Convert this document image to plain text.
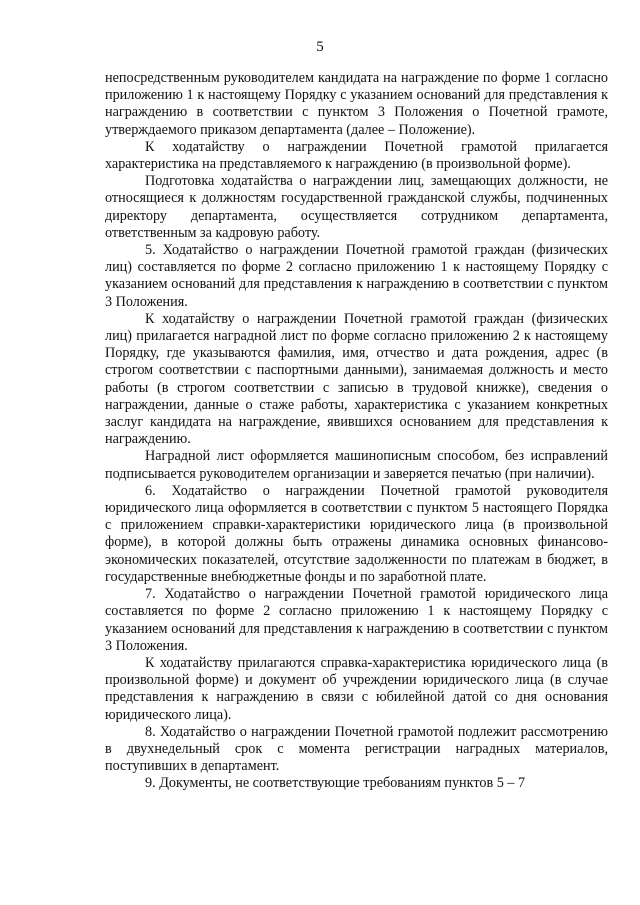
5

непосредственным руководителем кандидата на награждение по форме 1 согласно приложению 1 к настоящему Порядку с указанием оснований для представления к награждению в соответствии с пунктом 3 Положения о Почетной грамоте, утверждаемого приказом департамента (далее – Положение).

К ходатайству о награждении Почетной грамотой прилагается характеристика на представляемого к награждению (в произвольной форме).

Подготовка ходатайства о награждении лиц, замещающих должности, не относящиеся к должностям государственной гражданской службы, подчиненных директору департамента, осуществляется сотрудником департамента, ответственным за кадровую работу.

5. Ходатайство о награждении Почетной грамотой граждан (физических лиц) составляется по форме 2 согласно приложению 1 к настоящему Порядку с указанием оснований для представления к награждению в соответствии с пунктом 3 Положения.

К ходатайству о награждении Почетной грамотой граждан (физических лиц) прилагается наградной лист по форме согласно приложению 2 к настоящему Порядку, где указываются фамилия, имя, отчество и дата рождения, адрес (в строгом соответствии с паспортными данными), занимаемая должность и место работы (в строгом соответствии с записью в трудовой книжке), сведения о награждении, данные о стаже работы, характеристика с указанием конкретных заслуг кандидата на награждение, явившихся основанием для представления к награждению.

Наградной лист оформляется машинописным способом, без исправлений подписывается руководителем организации и заверяется печатью (при наличии).

6. Ходатайство о награждении Почетной грамотой руководителя юридического лица оформляется в соответствии с пунктом 5 настоящего Порядка с приложением справки-характеристики юридического лица (в произвольной форме), в которой должны быть отражены динамика основных финансово-экономических показателей, отсутствие задолженности по платежам в бюджет, в государственные внебюджетные фонды и по заработной плате.

7. Ходатайство о награждении Почетной грамотой юридического лица составляется по форме 2 согласно приложению 1 к настоящему Порядку с указанием оснований для представления к награждению в соответствии с пунктом 3 Положения.

К ходатайству прилагаются справка-характеристика юридического лица (в произвольной форме) и документ об учреждении юридического лица (в случае представления к награждению в связи с юбилейной датой со дня основания юридического лица).

8. Ходатайство о награждении Почетной грамотой подлежит рассмотрению в двухнедельный срок с момента регистрации наградных материалов, поступивших в департамент.

9. Документы, не соответствующие требованиям пунктов 5 – 7
